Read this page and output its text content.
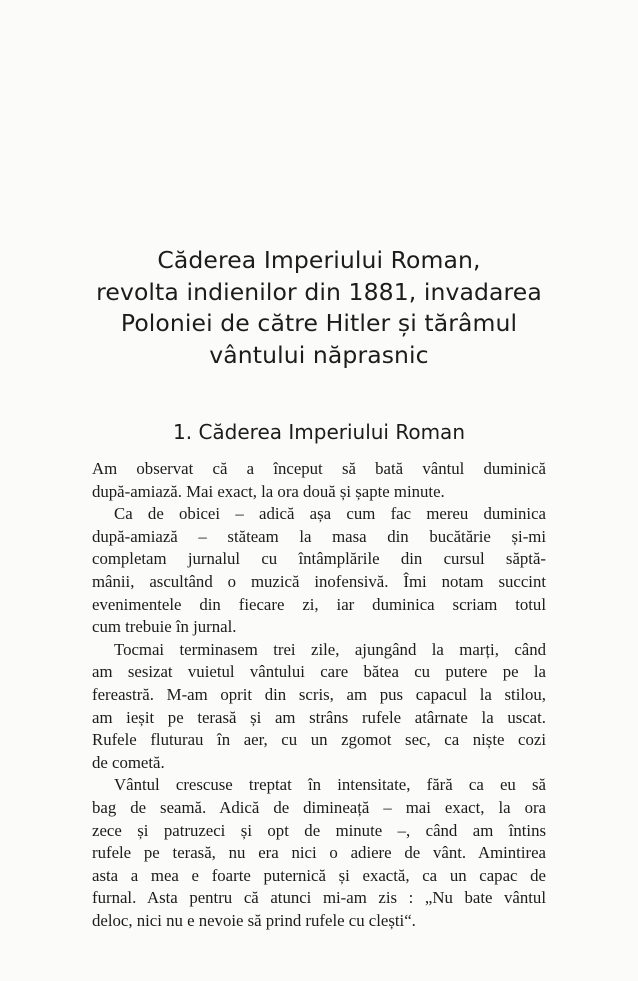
Căderea Imperiului Roman,
revolta indienilor din 1881, invadarea
Poloniei de către Hitler și tărâmul
vântului năprasnic
1. Căderea Imperiului Roman
Am observat că a început să bată vântul duminică
după-amiază. Mai exact, la ora două și șapte minute.
Ca de obicei – adică așa cum fac mereu duminica
după-amiază – stăteam la masa din bucătărie și-mi
completam jurnalul cu întâmplările din cursul săptă-
mânii, ascultând o muzică inofensivă. Îmi notam succint
evenimentele din fiecare zi, iar duminica scriam totul
cum trebuie în jurnal.
Tocmai terminasem trei zile, ajungând la marți, când
am sesizat vuietul vântului care bătea cu putere pe la
fereastră. M-am oprit din scris, am pus capacul la stilou,
am ieșit pe terasă și am strâns rufele atârnate la uscat.
Rufele fluturau în aer, cu un zgomot sec, ca niște cozi
de cometă.
Vântul crescuse treptat în intensitate, fără ca eu să
bag de seamă. Adică de dimineață – mai exact, la ora
zece și patruzeci și opt de minute –, când am întins
rufele pe terasă, nu era nici o adiere de vânt. Amintirea
asta a mea e foarte puternică și exactă, ca un capac de
furnal. Asta pentru că atunci mi-am zis : „Nu bate vântul
deloc, nici nu e nevoie să prind rufele cu clești“.
